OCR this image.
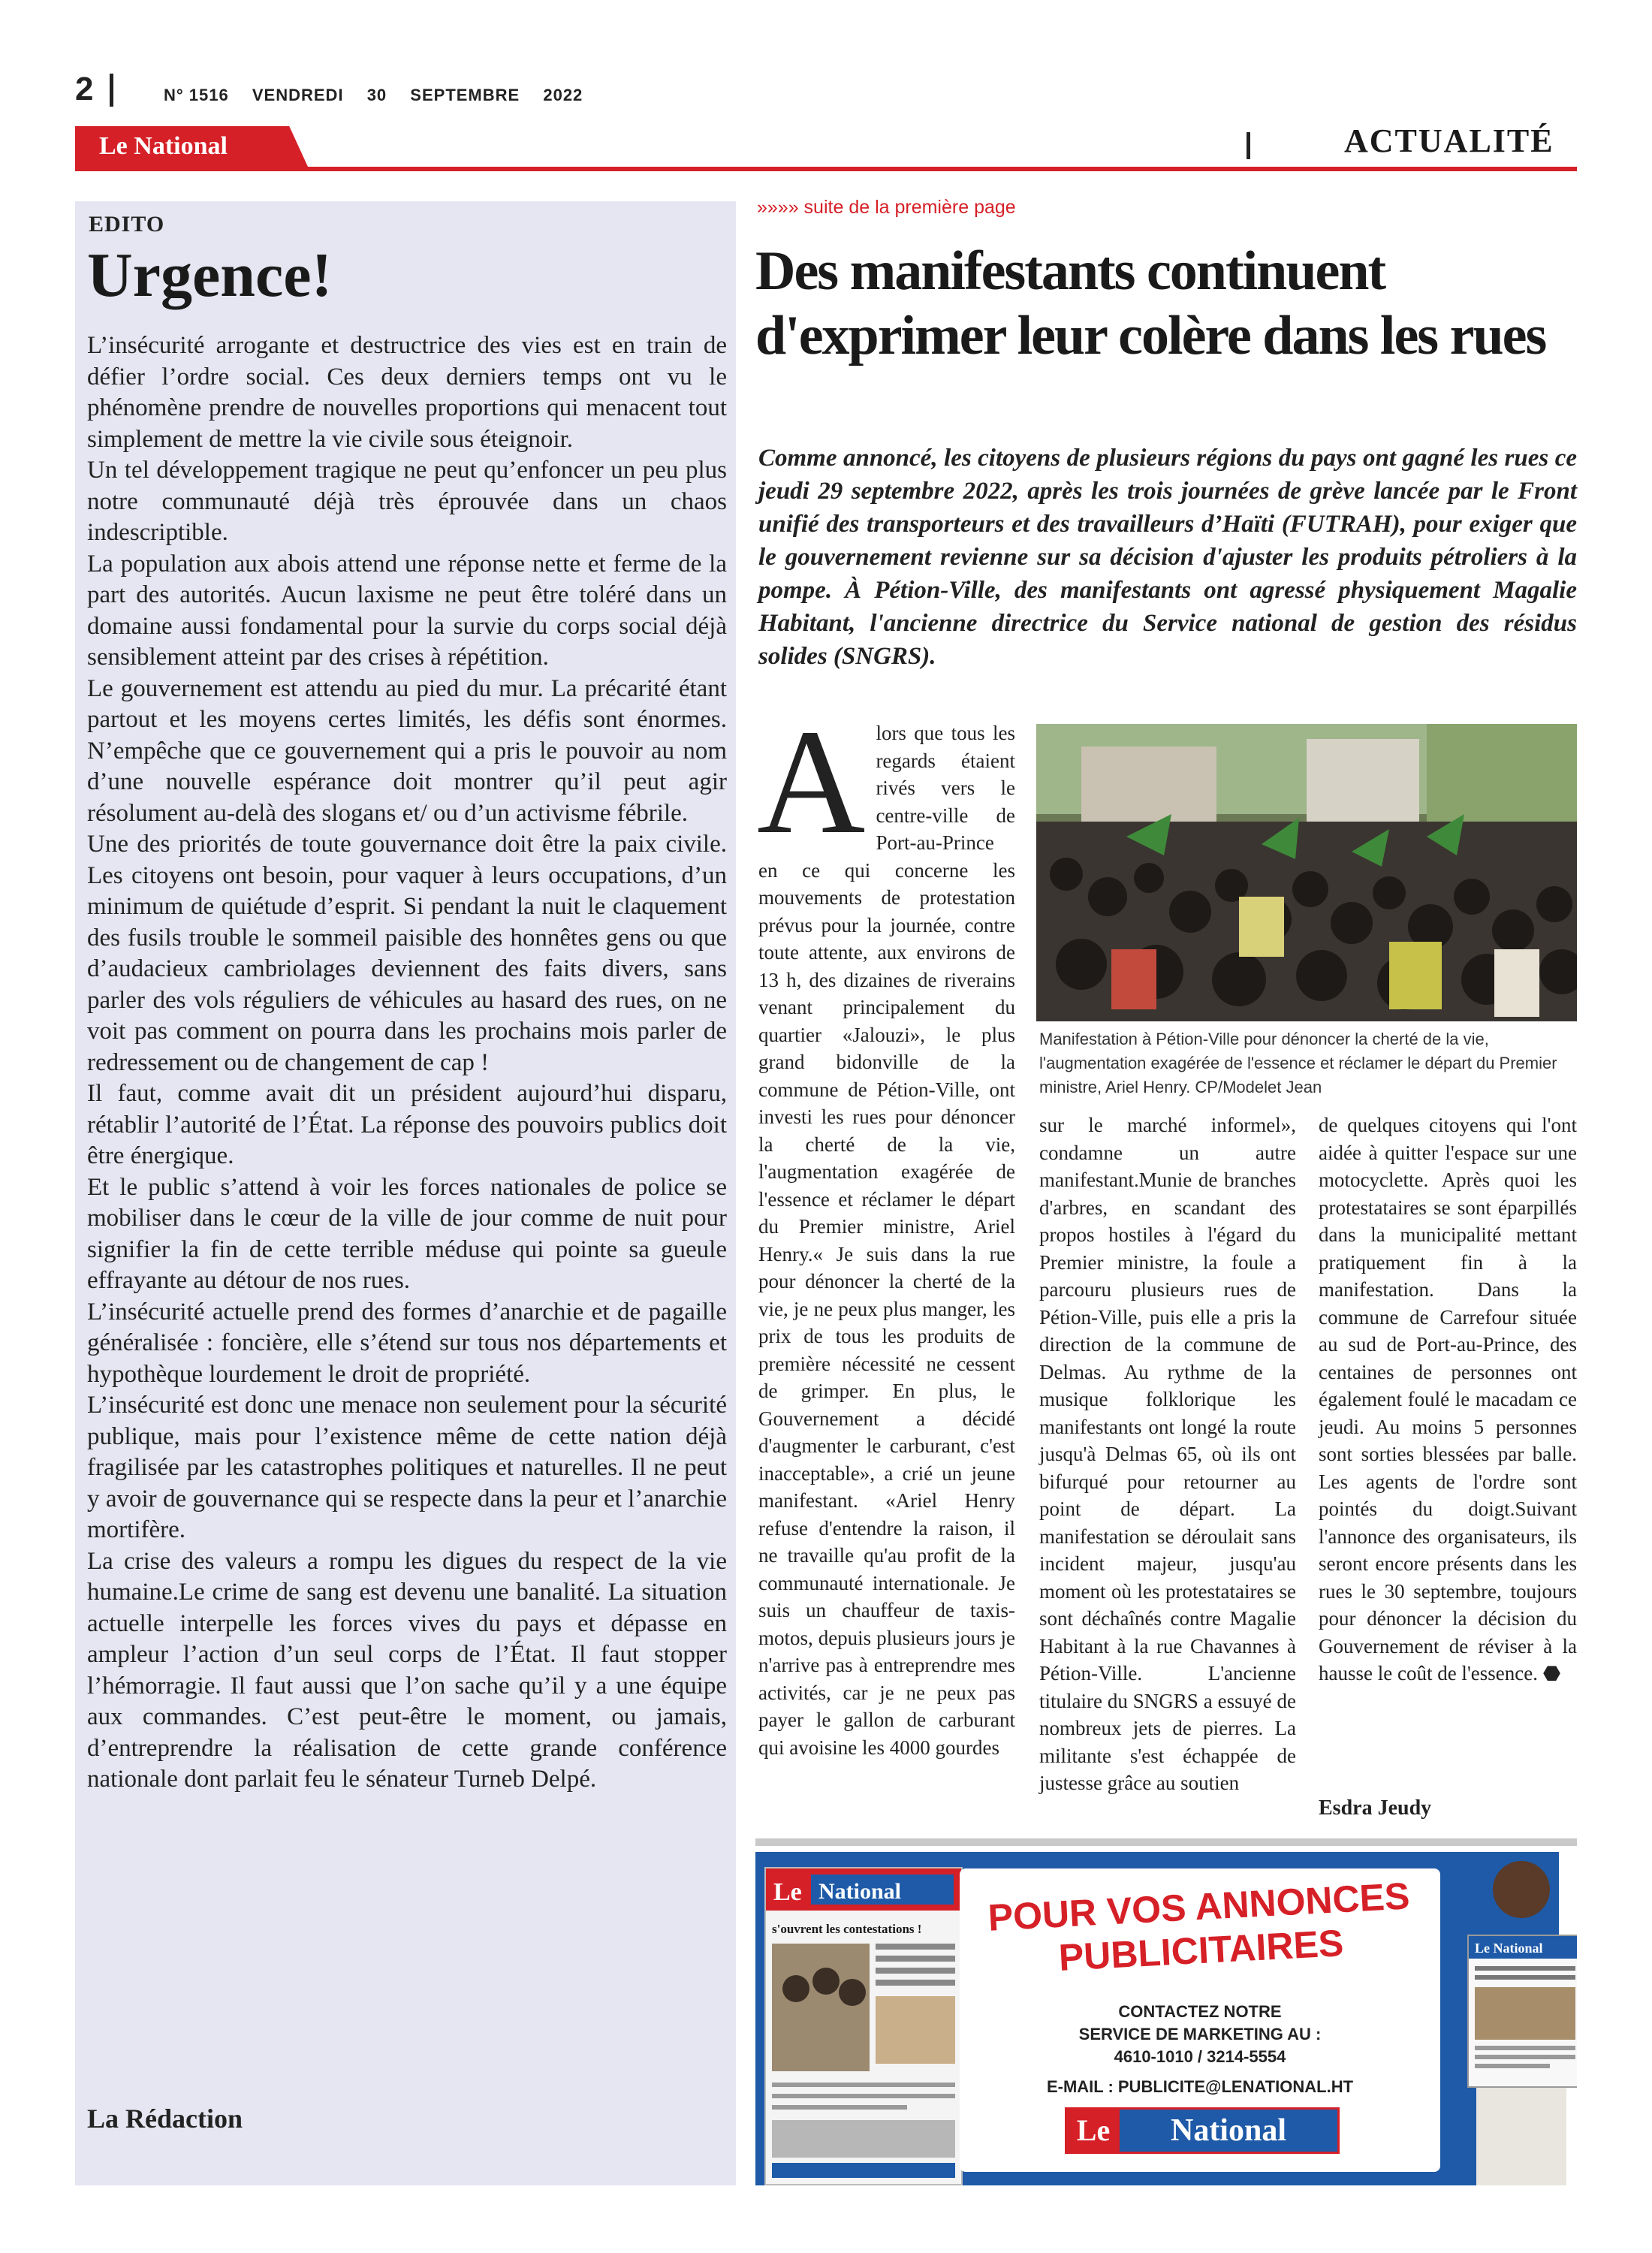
2	N° 1516 VENDREDI 30 SEPTEMBRE 2022
Le National	ACTUALITÉ
EDITO
Urgence!

L’insécurité arrogante et destructrice des vies est en train de défier l’ordre social. Ces deux derniers temps ont vu le phénomène prendre de nouvelles proportions qui menacent tout simplement de mettre la vie civile sous éteignoir.

Un tel développement tragique ne peut qu’enfoncer un peu plus notre communauté déjà très éprouvée dans un chaos indescriptible.

La population aux abois attend une réponse nette et ferme de la part des autorités. Aucun laxisme ne peut être toléré dans un domaine aussi fondamental pour la survie du corps social déjà sensiblement atteint par des crises à répétition.

Le gouvernement est attendu au pied du mur. La précarité étant partout et les moyens certes limités, les défis sont énormes. N’empêche que ce gouvernement qui a pris le pouvoir au nom d’une nouvelle espérance doit montrer qu’il peut agir résolument au-delà des slogans et/ ou d’un activisme fébrile.

Une des priorités de toute gouvernance doit être la paix civile. Les citoyens ont besoin, pour vaquer à leurs occupations, d’un minimum de quiétude d’esprit. Si pendant la nuit le claquement des fusils trouble le sommeil paisible des honnêtes gens ou que d’audacieux cambriolages deviennent des faits divers, sans parler des vols réguliers de véhicules au hasard des rues, on ne voit pas comment on pourra dans les prochains mois parler de redressement ou de changement de cap !

Il faut, comme avait dit un président aujourd’hui disparu, rétablir l’autorité de l’État. La réponse des pouvoirs publics doit être énergique.

Et le public s’attend à voir les forces nationales de police se mobiliser dans le cœur de la ville de jour comme de nuit pour signifier la fin de cette terrible méduse qui pointe sa gueule effrayante au détour de nos rues.

L’insécurité actuelle prend des formes d’anarchie et de pagaille généralisée : foncière, elle s’étend sur tous nos départements et hypothèque lourdement le droit de propriété.

L’insécurité est donc une menace non seulement pour la sécurité publique, mais pour l’existence même de cette nation déjà fragilisée par les catastrophes politiques et naturelles. Il ne peut y avoir de gouvernance qui se respecte dans la peur et l’anarchie mortifère.

La crise des valeurs a rompu les digues du respect de la vie humaine.Le crime de sang est devenu une banalité. La situation actuelle interpelle les forces vives du pays et dépasse en ampleur l’action d’un seul corps de l’État. Il faut stopper l’hémorragie. Il faut aussi que l’on sache qu’il y a une équipe aux commandes. C’est peut-être le moment, ou jamais, d’entreprendre la réalisation de cette grande conférence nationale dont parlait feu le sénateur Turneb Delpé.

La Rédaction
»»»» suite de la première page
Des manifestants continuent d'exprimer leur colère dans les rues

Comme annoncé, les citoyens de plusieurs régions du pays ont gagné les rues ce jeudi 29 septembre 2022, après les trois journées de grève lancée par le Front unifié des transporteurs et des travailleurs d’Haïti (FUTRAH), pour exiger que le gouvernement revienne sur sa décision d'ajuster les produits pétroliers à la pompe. À Pétion-Ville, des manifestants ont agressé physiquement Magalie Habitant, l'ancienne directrice du Service national de gestion des résidus solides (SNGRS).

A lors que tous les regards étaient rivés vers le centre-ville de Port-au-Prince en ce qui concerne les mouvements de protestation prévus pour la journée, contre toute attente, aux environs de 13 h, des dizaines de riverains venant principalement du quartier «Jalouzi», le plus grand bidonville de la commune de Pétion-Ville, ont investi les rues pour dénoncer la cherté de la vie, l'augmentation exagérée de l'essence et réclamer le départ du Premier ministre, Ariel Henry.« Je suis dans la rue pour dénoncer la cherté de la vie, je ne peux plus manger, les prix de tous les produits de première nécessité ne cessent de grimper. En plus, le Gouvernement a décidé d'augmenter le carburant, c'est inacceptable», a crié un jeune manifestant. «Ariel Henry refuse d'entendre la raison, il ne travaille qu'au profit de la communauté internationale. Je suis un chauffeur de taxis-motos, depuis plusieurs jours je n'arrive pas à entreprendre mes activités, car je ne peux pas payer le gallon de carburant qui avoisine les 4000 gourdes

Manifestation à Pétion-Ville pour dénoncer la cherté de la vie, l'augmentation exagérée de l'essence et réclamer le départ du Premier ministre, Ariel Henry. CP/Modelet Jean

sur le marché informel», condamne un autre manifestant.Munie de branches d'arbres, en scandant des propos hostiles à l'égard du Premier ministre, la foule a parcouru plusieurs rues de Pétion-Ville, puis elle a pris la direction de la commune de Delmas. Au rythme de la musique folklorique les manifestants ont longé la route jusqu'à Delmas 65, où ils ont bifurqué pour retourner au point de départ. La manifestation se déroulait sans incident majeur, jusqu'au moment où les protestataires se sont déchaînés contre Magalie Habitant à la rue Chavannes à Pétion-Ville. L'ancienne titulaire du SNGRS a essuyé de nombreux jets de pierres. La militante s'est échappée de justesse grâce au soutien
de quelques citoyens qui l'ont aidée à quitter l'espace sur une motocyclette. Après quoi les protestataires se sont éparpillés dans la municipalité mettant pratiquement fin à la manifestation. Dans la commune de Carrefour située au sud de Port-au-Prince, des centaines de personnes ont également foulé le macadam ce jeudi. Au moins 5 personnes sont sorties blessées par balle. Les agents de l'ordre sont pointés du doigt.Suivant l'annonce des organisateurs, ils seront encore présents dans les rues le 30 septembre, toujours pour dénoncer la décision du Gouvernement de réviser à la hausse le coût de l'essence. ⬣
Esdra Jeudy
Le National
s'ouvrent les contestations !	POUR VOS ANNONCES
PUBLICITAIRES
CONTACTEZ NOTRE
SERVICE DE MARKETING AU :
4610-1010 / 3214-5554
E-MAIL : PUBLICITE@LENATIONAL.HT
Le	National
Le National
